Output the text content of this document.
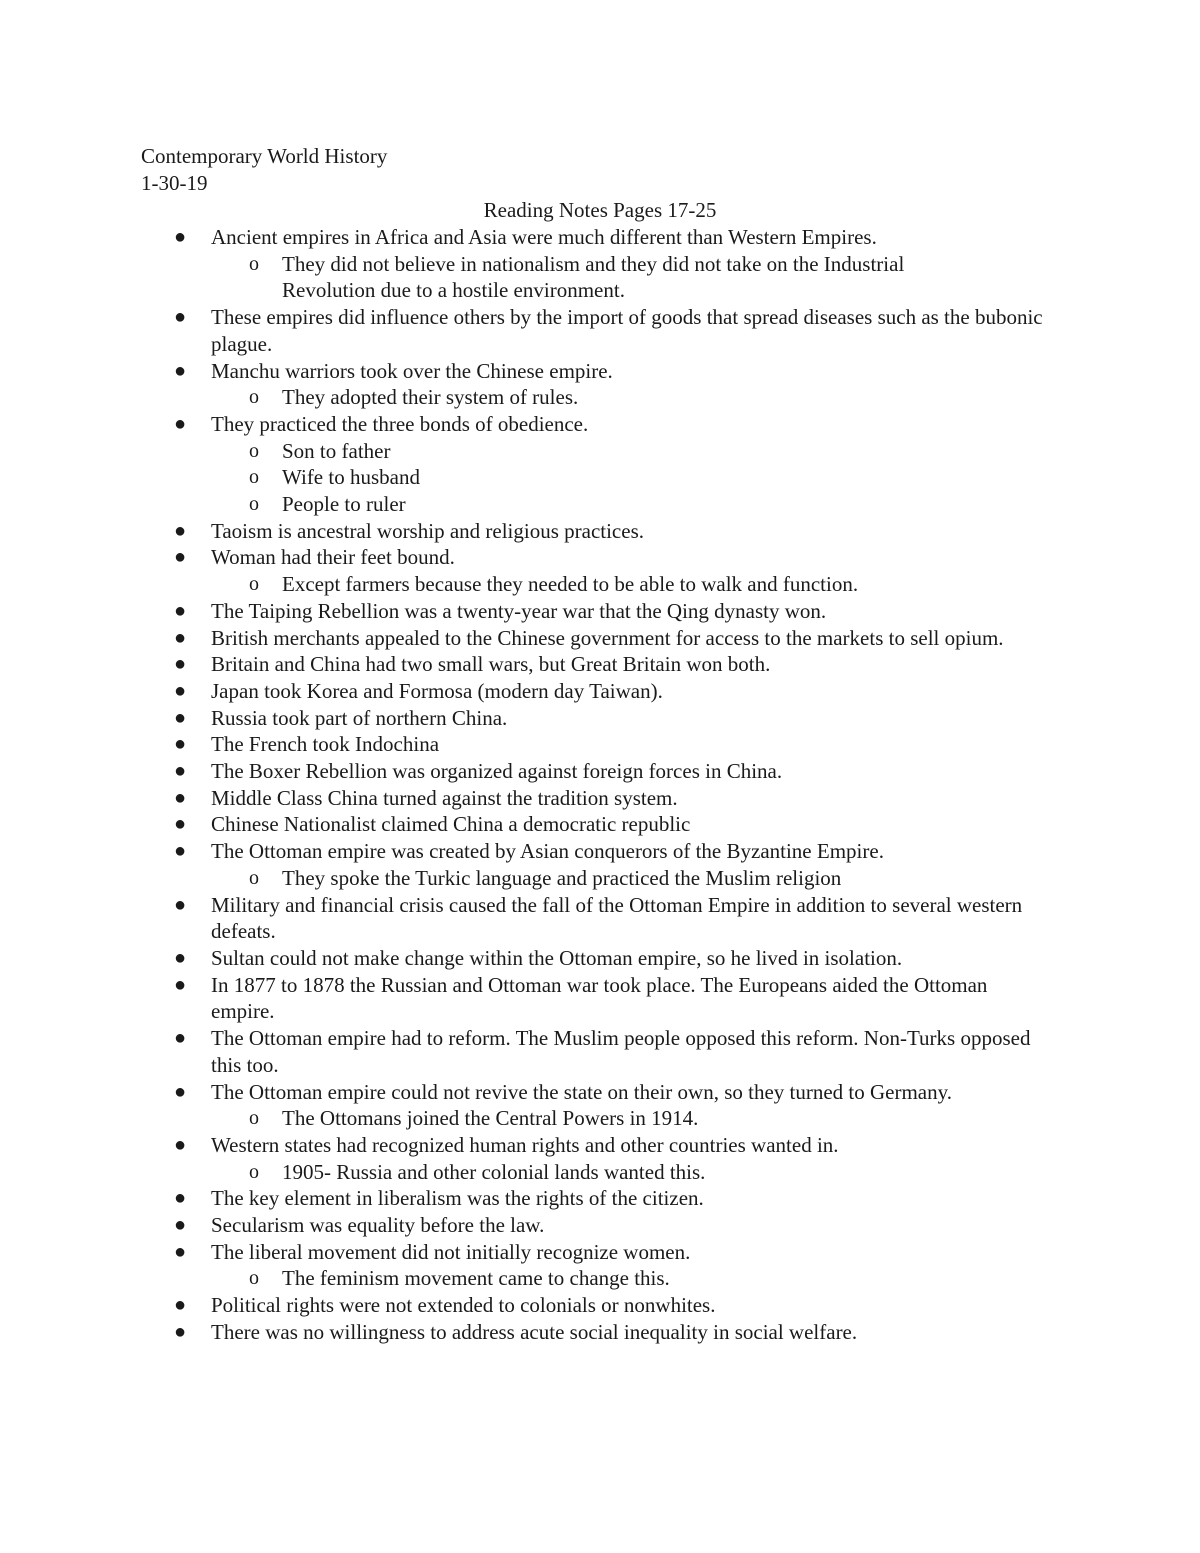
Contemporary World History
1-30-19
Reading Notes Pages 17-25
● Ancient empires in Africa and Asia were much different than Western Empires.
o They did not believe in nationalism and they did not take on the Industrial Revolution due to a hostile environment.
● These empires did influence others by the import of goods that spread diseases such as the bubonic plague.
● Manchu warriors took over the Chinese empire.
o They adopted their system of rules.
● They practiced the three bonds of obedience.
o Son to father
o Wife to husband
o People to ruler
● Taoism is ancestral worship and religious practices.
● Woman had their feet bound.
o Except farmers because they needed to be able to walk and function.
● The Taiping Rebellion was a twenty-year war that the Qing dynasty won.
● British merchants appealed to the Chinese government for access to the markets to sell opium.
● Britain and China had two small wars, but Great Britain won both.
● Japan took Korea and Formosa (modern day Taiwan).
● Russia took part of northern China.
● The French took Indochina
● The Boxer Rebellion was organized against foreign forces in China.
● Middle Class China turned against the tradition system.
● Chinese Nationalist claimed China a democratic republic
● The Ottoman empire was created by Asian conquerors of the Byzantine Empire.
o They spoke the Turkic language and practiced the Muslim religion
● Military and financial crisis caused the fall of the Ottoman Empire in addition to several western defeats.
● Sultan could not make change within the Ottoman empire, so he lived in isolation.
● In 1877 to 1878 the Russian and Ottoman war took place. The Europeans aided the Ottoman empire.
● The Ottoman empire had to reform. The Muslim people opposed this reform. Non-Turks opposed this too.
● The Ottoman empire could not revive the state on their own, so they turned to Germany.
o The Ottomans joined the Central Powers in 1914.
● Western states had recognized human rights and other countries wanted in.
o 1905- Russia and other colonial lands wanted this.
● The key element in liberalism was the rights of the citizen.
● Secularism was equality before the law.
● The liberal movement did not initially recognize women.
o The feminism movement came to change this.
● Political rights were not extended to colonials or nonwhites.
● There was no willingness to address acute social inequality in social welfare.
